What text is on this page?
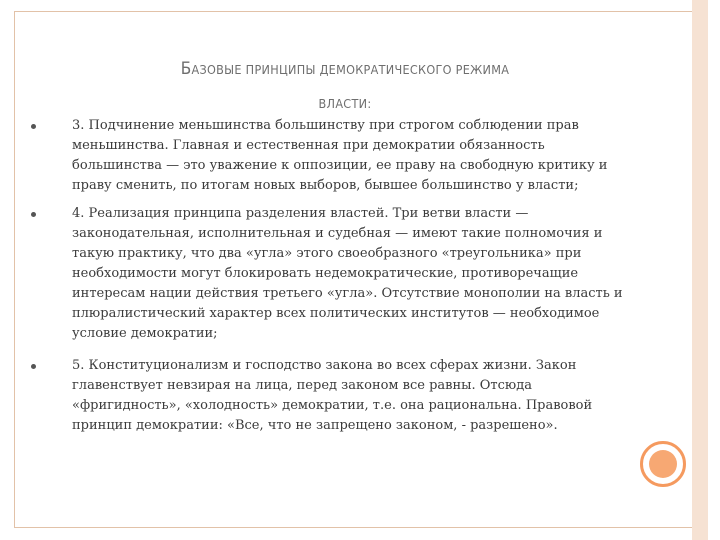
БАЗОВЫЕ ПРИНЦИПЫ ДЕМОКРАТИЧЕСКОГО РЕЖИМА
ВЛАСТИ:
3. Подчинение меньшинства большинству при строгом соблюдении прав меньшинства. Главная и естественная при демократии обязанность большинства — это уважение к оппозиции, ее праву на свободную критику и праву сменить, по итогам новых выборов, бывшее большинство у власти;
4. Реализация принципа разделения властей. Три ветви власти — законодательная, исполнительная и судебная — имеют такие полномочия и такую практику, что два «угла» этого своеобразного «треугольника» при необходимости могут блокировать недемократические, противоречащие интересам нации действия третьего «угла». Отсутствие монополии на власть и плюралистический характер всех политических институтов — необходимое условие демократии;
5. Конституционализм и господство закона во всех сферах жизни. Закон главенствует невзирая на лица, перед законом все равны. Отсюда «фригидность», «холодность» демократии, т.е. она рациональна. Правовой принцип демократии: «Все, что не запрещено законом, - разрешено».
